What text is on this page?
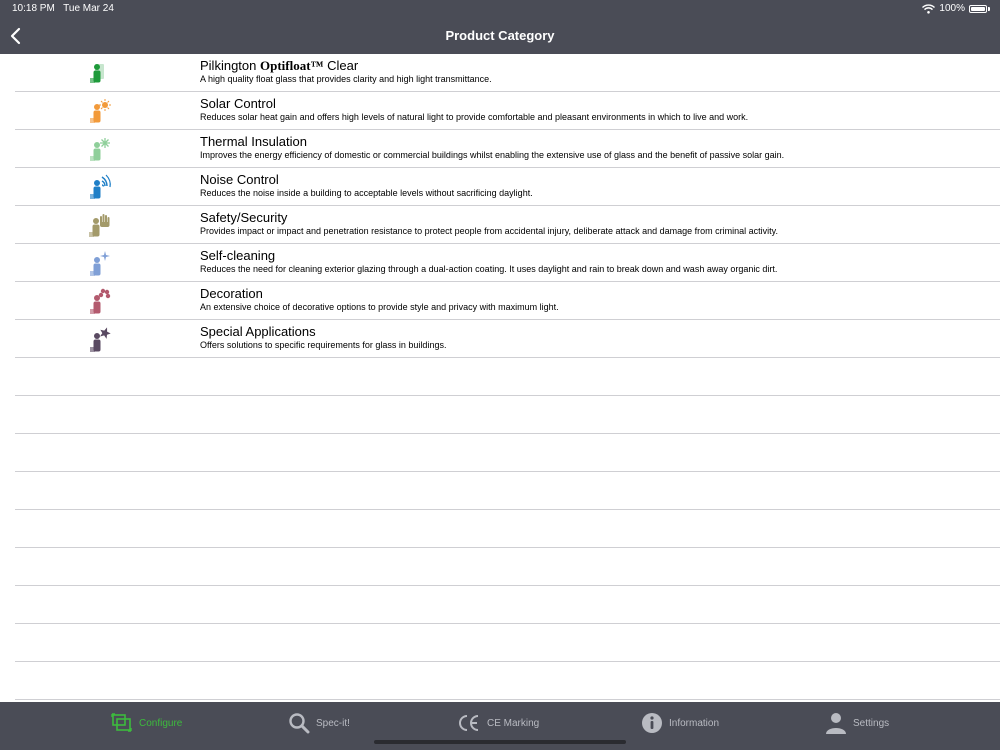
10:18 PM Tue Mar 24	100%
Product Category
Pilkington Optifloat™ Clear
A high quality float glass that provides clarity and high light transmittance.
Solar Control
Reduces solar heat gain and offers high levels of natural light to provide comfortable and pleasant environments in which to live and work.
Thermal Insulation
Improves the energy efficiency of domestic or commercial buildings whilst enabling the extensive use of glass and the benefit of passive solar gain.
Noise Control
Reduces the noise inside a building to acceptable levels without sacrificing daylight.
Safety/Security
Provides impact or impact and penetration resistance to protect people from accidental injury, deliberate attack and damage from criminal activity.
Self-cleaning
Reduces the need for cleaning exterior glazing through a dual-action coating. It uses daylight and rain to break down and wash away organic dirt.
Decoration
An extensive choice of decorative options to provide style and privacy with maximum light.
Special Applications
Offers solutions to specific requirements for glass in buildings.
Configure	Spec-it!	CE Marking	Information	Settings
